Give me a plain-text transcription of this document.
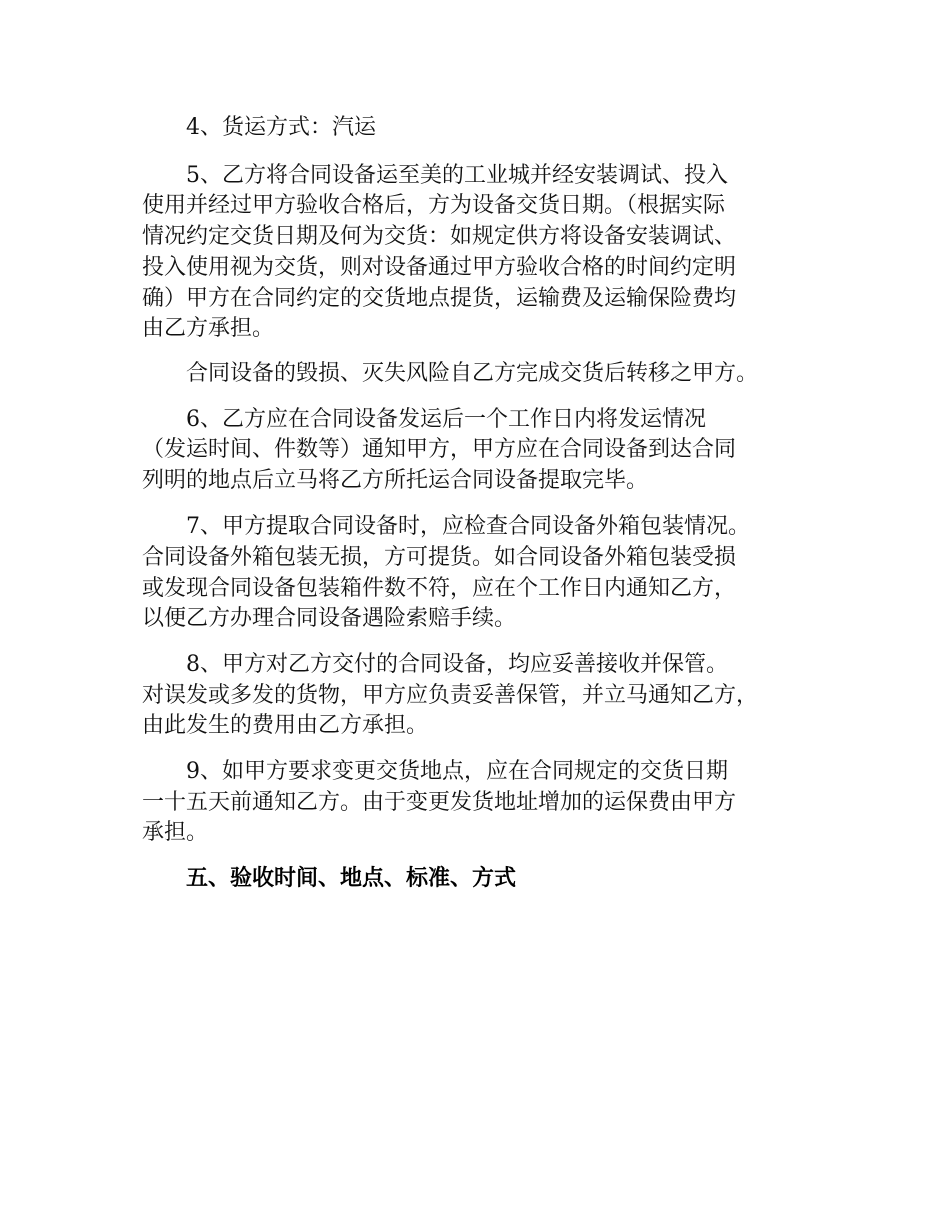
4、货运方式：汽运
5、乙方将合同设备运至美的工业城并经安装调试、投入
使用并经过甲方验收合格后，方为设备交货日期。（根据实际
情况约定交货日期及何为交货：如规定供方将设备安装调试、
投入使用视为交货，则对设备通过甲方验收合格的时间约定明
确）甲方在合同约定的交货地点提货，运输费及运输保险费均
由乙方承担。
合同设备的毁损、灭失风险自乙方完成交货后转移之甲方。
6、乙方应在合同设备发运后一个工作日内将发运情况
（发运时间、件数等）通知甲方，甲方应在合同设备到达合同
列明的地点后立马将乙方所托运合同设备提取完毕。
7、甲方提取合同设备时，应检查合同设备外箱包装情况。
合同设备外箱包装无损，方可提货。如合同设备外箱包装受损
或发现合同设备包装箱件数不符，应在个工作日内通知乙方，
以便乙方办理合同设备遇险索赔手续。
8、甲方对乙方交付的合同设备，均应妥善接收并保管。
对误发或多发的货物，甲方应负责妥善保管，并立马通知乙方，
由此发生的费用由乙方承担。
9、如甲方要求变更交货地点，应在合同规定的交货日期
一十五天前通知乙方。由于变更发货地址增加的运保费由甲方
承担。
五、验收时间、地点、标准、方式
